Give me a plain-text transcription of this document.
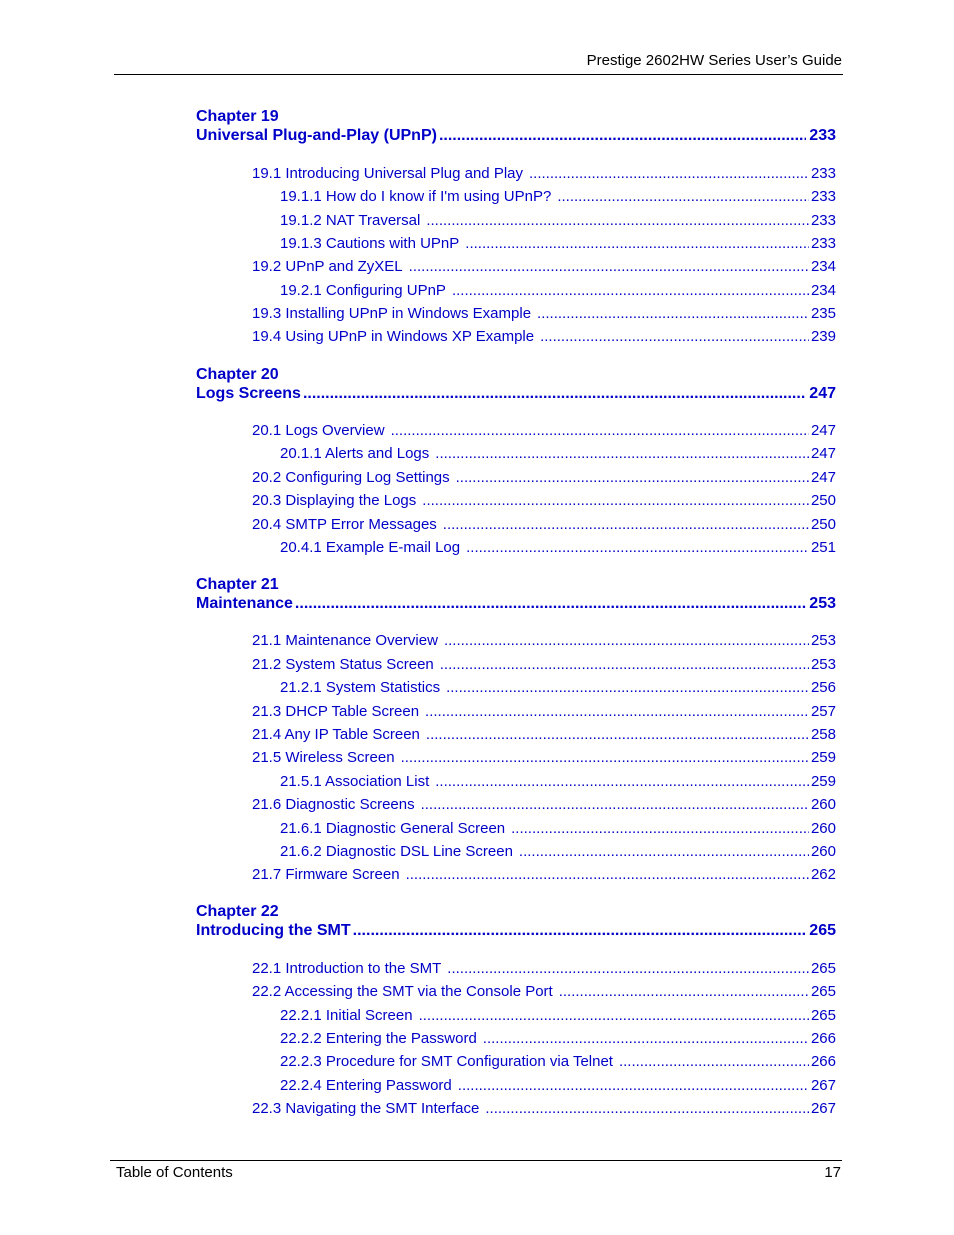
Prestige 2602HW Series User’s Guide
Chapter 19
Universal Plug-and-Play (UPnP) .....	233
19.1 Introducing Universal Plug and Play .....	233
19.1.1 How do I know if I'm using UPnP? .....	233
19.1.2 NAT Traversal .....	233
19.1.3 Cautions with UPnP .....	233
19.2 UPnP and ZyXEL .....	234
19.2.1 Configuring UPnP .....	234
19.3 Installing UPnP in Windows Example .....	235
19.4 Using UPnP in Windows XP Example .....	239
Chapter 20
Logs Screens .....	247
20.1 Logs Overview .....	247
20.1.1 Alerts and Logs .....	247
20.2 Configuring Log Settings .....	247
20.3 Displaying the Logs .....	250
20.4 SMTP Error Messages .....	250
20.4.1 Example E-mail Log .....	251
Chapter 21
Maintenance .....	253
21.1 Maintenance Overview .....	253
21.2 System Status Screen .....	253
21.2.1 System Statistics .....	256
21.3 DHCP Table Screen .....	257
21.4 Any IP Table Screen .....	258
21.5 Wireless Screen .....	259
21.5.1 Association List .....	259
21.6 Diagnostic Screens .....	260
21.6.1 Diagnostic General Screen .....	260
21.6.2 Diagnostic DSL Line Screen .....	260
21.7 Firmware Screen .....	262
Chapter 22
Introducing the SMT .....	265
22.1 Introduction to the SMT .....	265
22.2 Accessing the SMT via the Console Port .....	265
22.2.1 Initial Screen .....	265
22.2.2 Entering the Password .....	266
22.2.3 Procedure for SMT Configuration via Telnet .....	266
22.2.4 Entering Password .....	267
22.3 Navigating the SMT Interface .....	267
Table of Contents	17
